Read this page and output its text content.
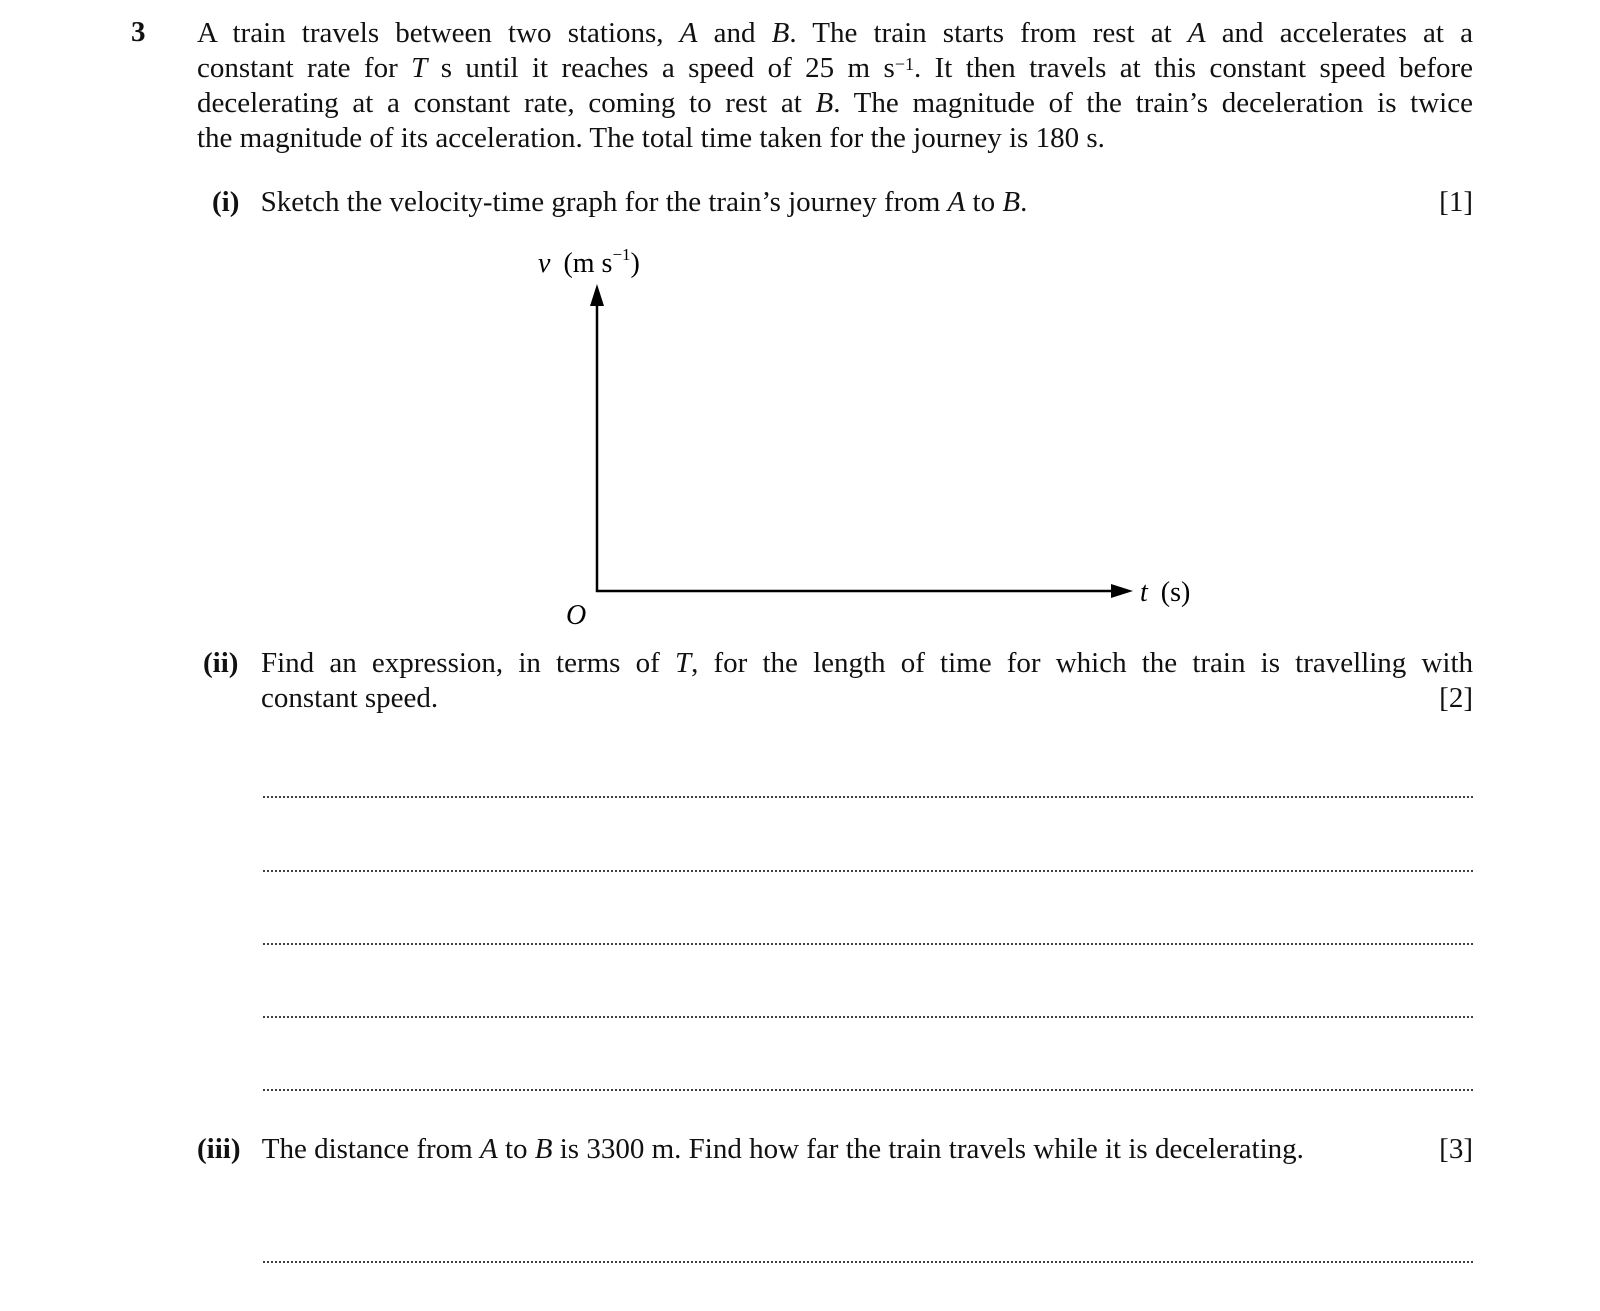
3 A train travels between two stations, A and B. The train starts from rest at A and accelerates at a
constant rate for T s until it reaches a speed of 25 m $s^{-1}$. It then travels at this constant speed before
decelerating at a constant rate, coming to rest at B. The magnitude of the train’s deceleration is twice
the magnitude of its acceleration. The total time taken for the journey is 180 s.
(i) Sketch the velocity-time graph for the train’s journey from A to B.	[1]
v (m $s^{-1}$)
t (s)
O
(ii) Find an expression, in terms of T, for the length of time for which the train is travelling with
constant speed.	[2]
(iii) The distance from A to B is 3300 m. Find how far the train travels while it is decelerating.	[3]
